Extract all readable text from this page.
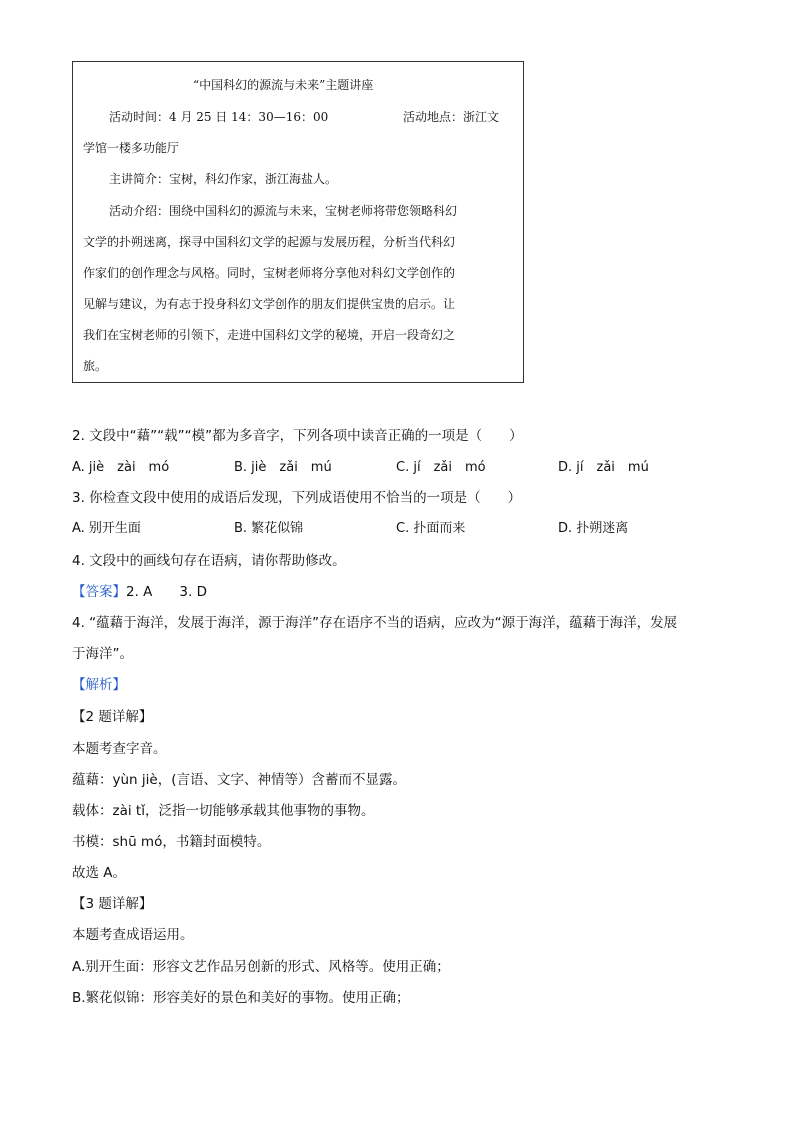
“中国科幻的源流与未来”主题讲座
活动时间：4 月 25 日 14：30—16：00	活动地点：浙江文
学馆一楼多功能厅
主讲简介：宝树，科幻作家，浙江海盐人。
活动介绍：围绕中国科幻的源流与未来，宝树老师将带您领略科幻
文学的扑朔迷离，探寻中国科幻文学的起源与发展历程，分析当代科幻
作家们的创作理念与风格。同时，宝树老师将分享他对科幻文学创作的
见解与建议，为有志于投身科幻文学创作的朋友们提供宝贵的启示。让
我们在宝树老师的引领下，走进中国科幻文学的秘境，开启一段奇幻之
旅。
2. 文段中“藉”“载”“模”都为多音字，下列各项中读音正确的一项是（　　）
A. jiè　zài　mó	B. jiè　zǎi　mú	C. jí　zǎi　mó	D. jí　zǎi　mú
3. 你检查文段中使用的成语后发现，下列成语使用不恰当的一项是（　　）
A. 别开生面	B. 繁花似锦	C. 扑面而来	D. 扑朔迷离
4. 文段中的画线句存在语病，请你帮助修改。
【答案】2. A　　3. D
4. “蕴藉于海洋，发展于海洋，源于海洋”存在语序不当的语病，应改为“源于海洋，蕴藉于海洋，发展
于海洋”。
【解析】
【2 题详解】
本题考查字音。
蕴藉：yùn jiè，(言语、文字、神情等）含蓄而不显露。
载体：zài tǐ，泛指一切能够承载其他事物的事物。
书模：shū mó，书籍封面模特。
故选 A。
【3 题详解】
本题考查成语运用。
A.别开生面：形容文艺作品另创新的形式、风格等。使用正确；
B.繁花似锦：形容美好的景色和美好的事物。使用正确；
